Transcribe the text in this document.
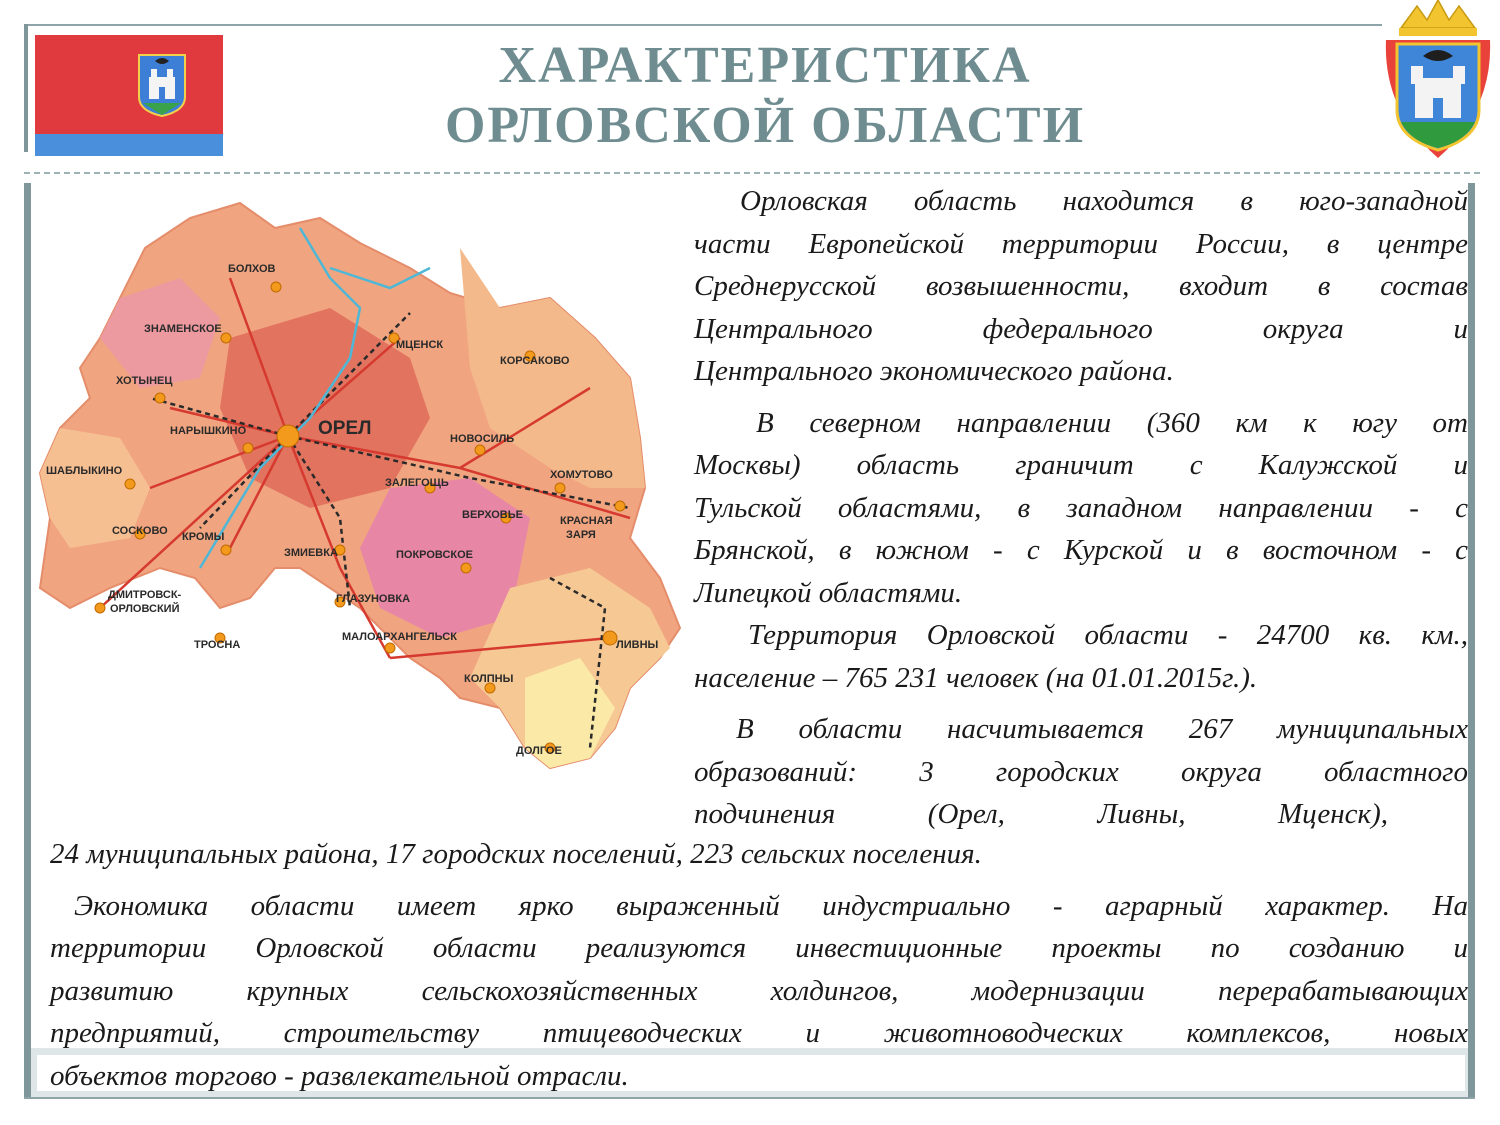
ХАРАКТЕРИСТИКА
ОРЛОВСКОЙ ОБЛАСТИ
ОРЕЛ
БОЛХОВ
ЗНАМЕНСКОЕ
МЦЕНСК
КОРСАКОВО
ХОТЫНЕЦ
НАРЫШКИНО
НОВОСИЛЬ
ШАБЛЫКИНО
ЗАЛЕГОЩЬ
ХОМУТОВО
ВЕРХОВЬЕ	КРАСНАЯ
ЗАРЯ
СОСКОВО КРОМЫ
ЗМИЕВКА	ПОКРОВСКОЕ
ДМИТРОВСК-
ОРЛОВСКИЙ
ГЛАЗУНОВКА
МАЛОАРХАНГЕЛЬСК
ЛИВНЫ
ТРОСНА
КОЛПНЫ
ДОЛГОЕ

Орловская область находится в юго-западной

части Европейской территории России, в центре

Среднерусской возвышенности, входит в состав

Центрального федерального округа и

Центрального экономического района.

В северном направлении (360 км к югу от

Москвы) область граничит с Калужской и

Тульской областями, в западном направлении - с

Брянской, в южном - с Курской и в восточном - с

Липецкой областями.

Территория Орловской области - 24700 кв. км.,

население – 765 231 человек (на 01.01.2015г.).

В области насчитывается 267 муниципальных

образований: 3 городских округа областного

подчинения (Орел, Ливны, Мценск),

24 муниципальных района, 17 городских поселений, 223 сельских поселения.

Экономика области имеет ярко выраженный индустриально - аграрный характер. На

территории Орловской области реализуются инвестиционные проекты по созданию и

развитию крупных сельскохозяйственных холдингов, модернизации перерабатывающих

предприятий, строительству птицеводческих и животноводческих комплексов, новых

объектов торгово - развлекательной отрасли.
